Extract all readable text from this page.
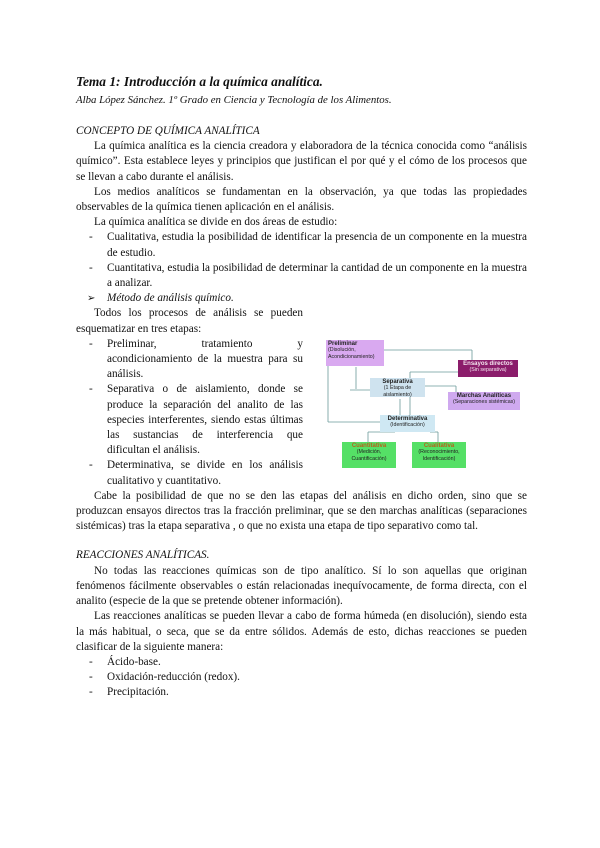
Tema 1: Introducción a la química analítica.

Alba López Sánchez. 1º Grado en Ciencia y Tecnología de los Alimentos.

CONCEPTO DE QUÍMICA ANALÍTICA

La química analítica es la ciencia creadora y elaboradora de la técnica conocida como “análisis químico”. Esta establece leyes y principios que justifican el por qué y el cómo de los procesos que se llevan a cabo durante el análisis.

Los medios analíticos se fundamentan en la observación, ya que todas las propiedades observables de la química tienen aplicación en el análisis.

La química analítica se divide en dos áreas de estudio:

- Cualitativa, estudia la posibilidad de identificar la presencia de un componente en la muestra de estudio.

- Cuantitativa, estudia la posibilidad de determinar la cantidad de un componente en la muestra a analizar.

➢ Método de análisis químico.

Todos los procesos de análisis se pueden esquematizar en tres etapas:

- Preliminar, tratamiento y acondicionamiento de la muestra para su análisis.

- Separativa o de aislamiento, donde se produce la separación del analito de las especies interferentes, siendo estas últimas las sustancias de interferencia que dificultan el análisis.

- Determinativa, se divide en los análisis cualitativo y cuantitativo.

Cabe la posibilidad de que no se den las etapas del análisis en dicho orden, sino que se produzcan ensayos directos tras la fracción preliminar, que se den marchas analíticas (separaciones sistémicas) tras la etapa separativa , o que no exista una etapa de tipo separativo como tal.

REACCIONES ANALÍTICAS.

No todas las reacciones químicas son de tipo analítico. Sí lo son aquellas que originan fenómenos fácilmente observables o están relacionadas inequívocamente, de forma directa, con el analito (especie de la que se pretende obtener información).

Las reacciones analíticas se pueden llevar a cabo de forma húmeda (en disolución), siendo esta la más habitual, o seca, que se da entre sólidos. Además de esto, dichas reacciones se pueden clasificar de la siguiente manera:

- Ácido-base.

- Oxidación-reducción (redox).

- Precipitación.

Preliminar
(Disolución, Acondicionamiento)
Ensayos directos
(Sin separativa)
Separativa
(1 Etapa de aislamiento)	Marchas Analíticas
(Separaciones sistémicas)
Determinativa
(Identificación)
Cuantitativa
(Medición, Cuantificación)
Cualitativa
(Reconocimiento, Identificación)
